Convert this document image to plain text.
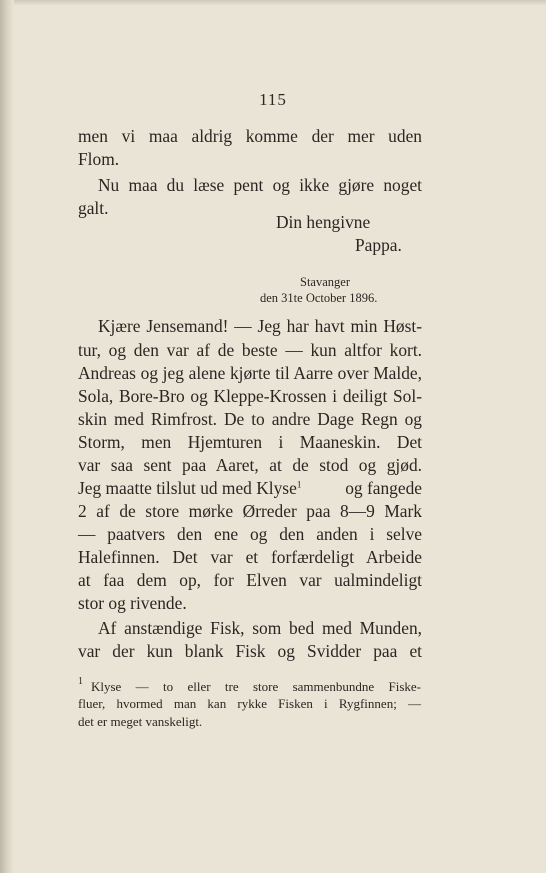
115
men vi maa aldrig komme der mer uden
Flom.
Nu maa du læse pent og ikke gjøre noget
galt.
Din hengivne
Pappa.
Stavanger
den 31te October 1896.
Kjære Jensemand! — Jeg har havt min Høst-
tur, og den var af de beste — kun altfor kort.
Andreas og jeg alene kjørte til Aarre over Malde,
Sola, Bore-Bro og Kleppe-Krossen i deiligt Sol-
skin med Rimfrost. De to andre Dage Regn og
Storm, men Hjemturen i Maaneskin. Det
var saa sent paa Aaret, at de stod og gjød.
Jeg maatte tilslut ud med Klyse$^1$	og fangede
2 af de store mørke Ørreder paa 8—9 Mark
— paatvers den ene og den anden i selve
Halefinnen. Det var et forfærdeligt Arbeide
at faa dem op, for Elven var ualmindeligt
stor og rivende.
Af anstændige Fisk, som bed med Munden,
var der kun blank Fisk og Svidder paa et
1 Klyse — to eller tre store sammenbundne Fiske-
fluer, hvormed man kan rykke Fisken i Rygfinnen; —
det er meget vanskeligt.
